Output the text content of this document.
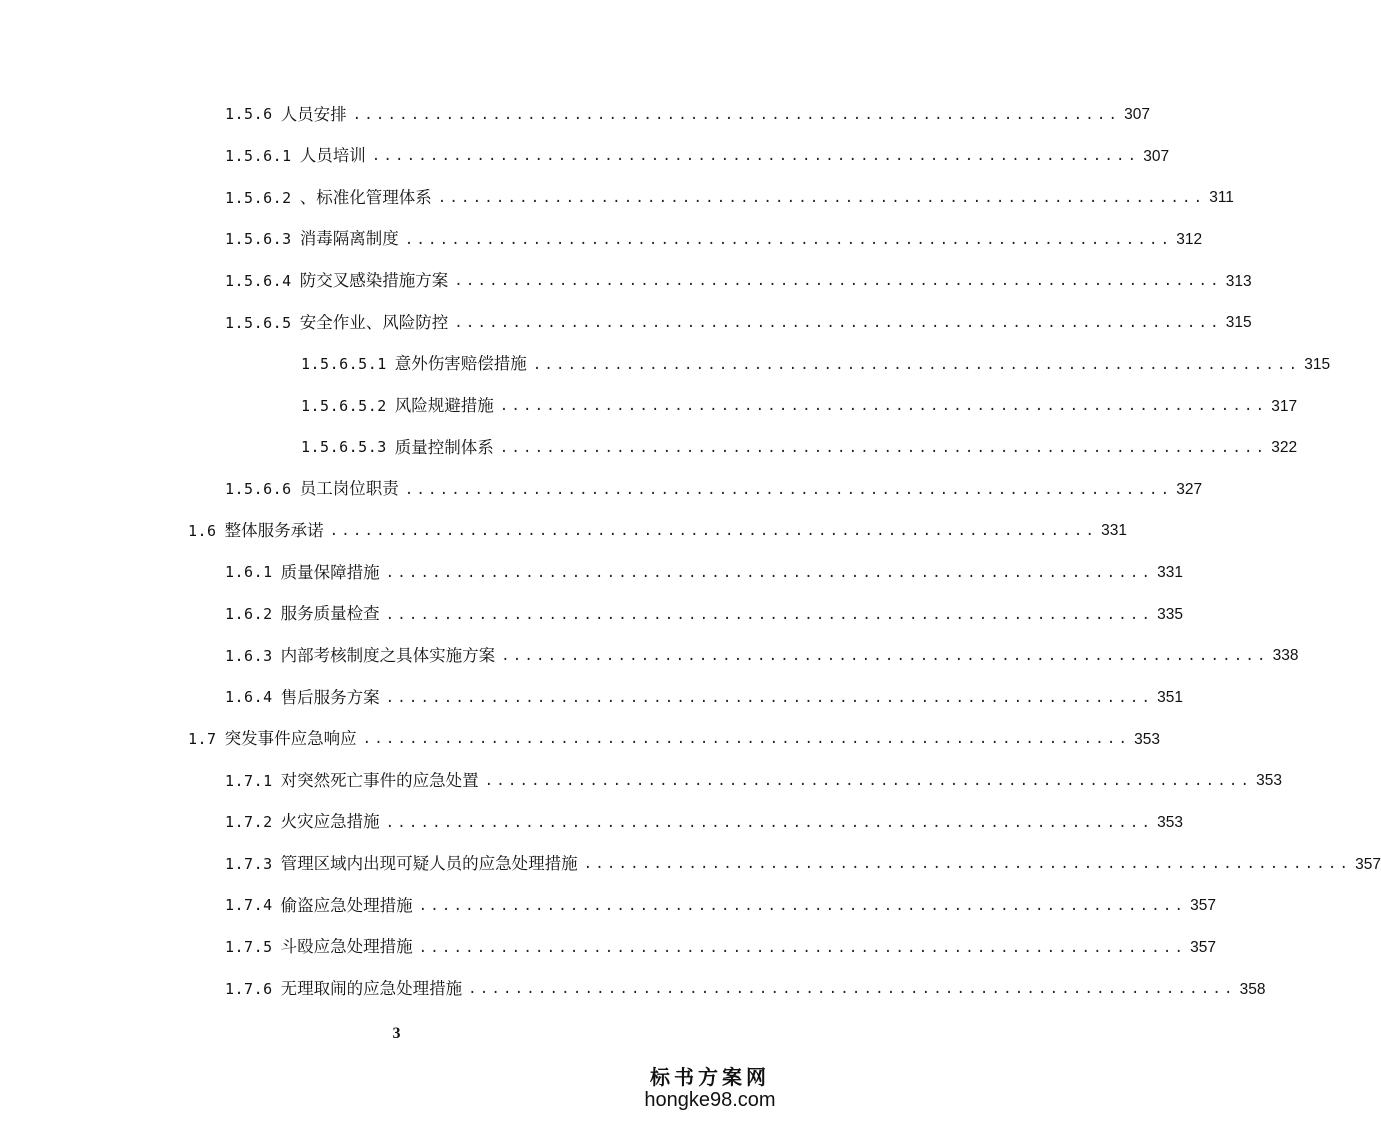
1.5.6 人员安排 .................................................................. 307
1.5.6.1 人员培训 .................................................................. 307
1.5.6.2 、标准化管理体系 .................................................................. 311
1.5.6.3 消毒隔离制度 .................................................................. 312
1.5.6.4 防交叉感染措施方案 .................................................................. 313
1.5.6.5 安全作业、风险防控 .................................................................. 315
1.5.6.5.1 意外伤害赔偿措施 .................................................................. 315
1.5.6.5.2 风险规避措施 .................................................................. 317
1.5.6.5.3 质量控制体系 .................................................................. 322
1.5.6.6 员工岗位职责 .................................................................. 327
1.6 整体服务承诺 .................................................................. 331
1.6.1 质量保障措施 .................................................................. 331
1.6.2 服务质量检查 .................................................................. 335
1.6.3 内部考核制度之具体实施方案 .................................................................. 338
1.6.4 售后服务方案 .................................................................. 351
1.7 突发事件应急响应 .................................................................. 353
1.7.1 对突然死亡事件的应急处置 .................................................................. 353
1.7.2 火灾应急措施 .................................................................. 353
1.7.3 管理区域内出现可疑人员的应急处理措施 .................................................................. 357
1.7.4 偷盗应急处理措施 .................................................................. 357
1.7.5 斗殴应急处理措施 .................................................................. 357
1.7.6 无理取闹的应急处理措施 .................................................................. 358
3
标书方案网
hongke98.com
